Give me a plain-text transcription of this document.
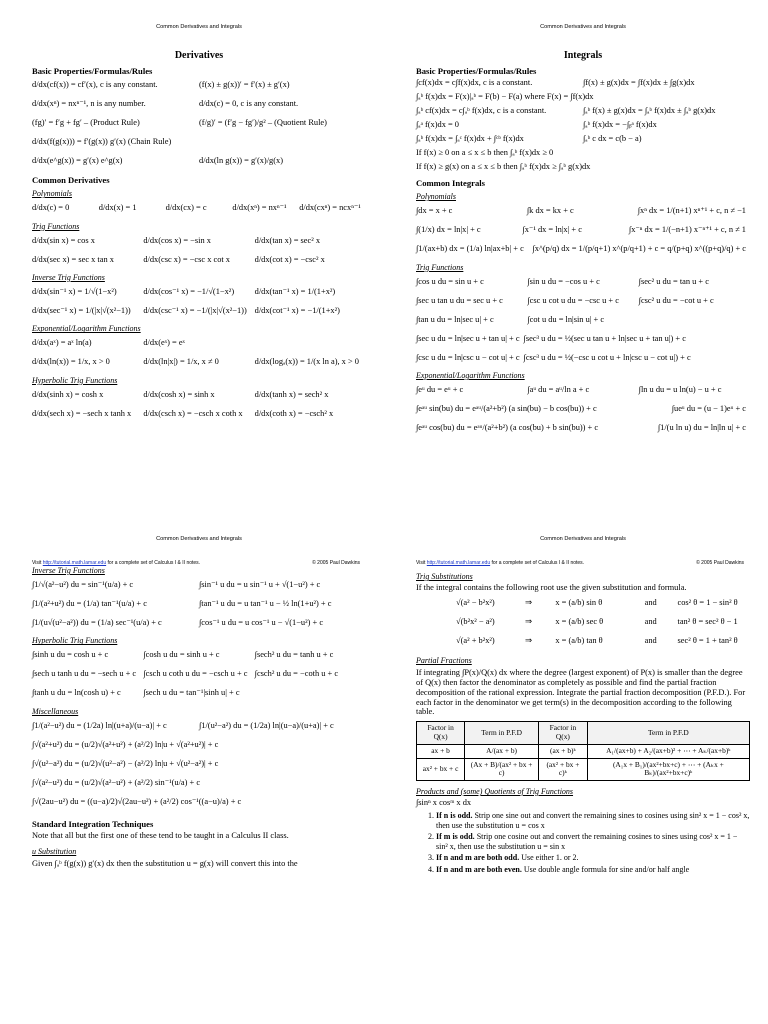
Common Derivatives and Integrals
Derivatives
Basic Properties/Formulas/Rules
d/dx(cf(x)) = cf′(x), c is any constant.	(f(x) ± g(x))′ = f′(x) ± g′(x)
d/dx(xⁿ) = nxⁿ⁻¹, n is any number.	d/dx(c) = 0, c is any constant.
(fg)′ = f′g + fg′ – (Product Rule)	(f/g)′ = (f′g − fg′)/g² – (Quotient Rule)
d/dx(f(g(x))) = f′(g(x)) g′(x) (Chain Rule)
d/dx(e^g(x)) = g′(x) e^g(x)	d/dx(ln g(x)) = g′(x)/g(x)
Common Derivatives
Polynomials
d/dx(c) = 0	d/dx(x) = 1	d/dx(cx) = c	d/dx(xⁿ) = nxⁿ⁻¹	d/dx(cxⁿ) = ncxⁿ⁻¹
Trig Functions
d/dx(sin x) = cos x	d/dx(cos x) = −sin x	d/dx(tan x) = sec² x
d/dx(sec x) = sec x tan x	d/dx(csc x) = −csc x cot x	d/dx(cot x) = −csc² x
Inverse Trig Functions
d/dx(sin⁻¹ x) = 1/√(1−x²)	d/dx(cos⁻¹ x) = −1/√(1−x²)	d/dx(tan⁻¹ x) = 1/(1+x²)
d/dx(sec⁻¹ x) = 1/(|x|√(x²−1))	d/dx(csc⁻¹ x) = −1/(|x|√(x²−1)) d/dx(cot⁻¹ x) = −1/(1+x²)
Exponential/Logarithm Functions
d/dx(aˣ) = aˣ ln(a)	d/dx(eˣ) = eˣ
d/dx(ln(x)) = 1/x, x > 0	d/dx(ln|x|) = 1/x, x ≠ 0	d/dx(logₐ(x)) = 1/(x ln a), x > 0
Hyperbolic Trig Functions
d/dx(sinh x) = cosh x	d/dx(cosh x) = sinh x	d/dx(tanh x) = sech² x
d/dx(sech x) = −sech x tanh x	d/dx(csch x) = −csch x coth x	d/dx(coth x) = −csch² x
Visit http://tutorial.math.lamar.edu for a complete set of Calculus I & II notes.	© 2005 Paul Dawkins
Common Derivatives and Integrals
Integrals
Basic Properties/Formulas/Rules
∫cf(x)dx = c∫f(x)dx, c is a constant.	∫f(x) ± g(x)dx = ∫f(x)dx ± ∫g(x)dx
∫ₐᵇ f(x)dx = F(x)|ₐᵇ = F(b) − F(a) where F(x) = ∫f(x)dx
∫ₐᵇ cf(x)dx = c∫ₐᵇ f(x)dx, c is a constant.	∫ₐᵇ f(x) ± g(x)dx = ∫ₐᵇ f(x)dx ± ∫ₐᵇ g(x)dx
∫ₐᵃ f(x)dx = 0	∫ₐᵇ f(x)dx = −∫ᵦᵃ f(x)dx
∫ₐᵇ f(x)dx = ∫ₐᶜ f(x)dx + ∫ᶜᵇ f(x)dx	∫ₐᵇ c dx = c(b − a)
If f(x) ≥ 0 on a ≤ x ≤ b then ∫ₐᵇ f(x)dx ≥ 0
If f(x) ≥ g(x) on a ≤ x ≤ b then ∫ₐᵇ f(x)dx ≥ ∫ₐᵇ g(x)dx
Common Integrals
Polynomials
∫dx = x + c	∫k dx = kx + c	∫xⁿ dx = 1/(n+1) xⁿ⁺¹ + c, n ≠ −1
∫(1/x) dx = ln|x| + c	∫x⁻¹ dx = ln|x| + c	∫x⁻ⁿ dx = 1/(−n+1) x⁻ⁿ⁺¹ + c, n ≠ 1
∫1/(ax+b) dx = (1/a) ln|ax+b| + c	∫x^(p/q) dx = 1/(p/q+1) x^(p/q+1) + c = q/(p+q) x^((p+q)/q) + c
Trig Functions
∫cos u du = sin u + c	∫sin u du = −cos u + c	∫sec² u du = tan u + c
∫sec u tan u du = sec u + c	∫csc u cot u du = −csc u + c	∫csc² u du = −cot u + c
∫tan u du = ln|sec u| + c	∫cot u du = ln|sin u| + c
∫sec u du = ln|sec u + tan u| + c ∫sec³ u du = ½(sec u tan u + ln|sec u + tan u|) + c
∫csc u du = ln|csc u − cot u| + c ∫csc³ u du = ½(−csc u cot u + ln|csc u − cot u|) + c
Exponential/Logarithm Functions
∫eᵘ du = eᵘ + c	∫aᵘ du = aᵘ/ln a + c	∫ln u du = u ln(u) − u + c
∫eᵃᵘ sin(bu) du = eᵃᵘ/(a²+b²) (a sin(bu) − b cos(bu)) + c	∫ueᵘ du = (u − 1)eᵘ + c
∫eᵃᵘ cos(bu) du = eᵃᵘ/(a²+b²) (a cos(bu) + b sin(bu)) + c	∫1/(u ln u) du = ln|ln u| + c
Visit http://tutorial.math.lamar.edu for a complete set of Calculus I & II notes.	© 2005 Paul Dawkins
Common Derivatives and Integrals
Inverse Trig Functions
∫1/√(a²−u²) du = sin⁻¹(u/a) + c	∫sin⁻¹ u du = u sin⁻¹ u + √(1−u²) + c
∫1/(a²+u²) du = (1/a) tan⁻¹(u/a) + c	∫tan⁻¹ u du = u tan⁻¹ u − ½ ln(1+u²) + c
∫1/(u√(u²−a²)) du = (1/a) sec⁻¹(u/a) + c	∫cos⁻¹ u du = u cos⁻¹ u − √(1−u²) + c
Hyperbolic Trig Functions
∫sinh u du = cosh u + c	∫cosh u du = sinh u + c	∫sech² u du = tanh u + c
∫sech u tanh u du = −sech u + c ∫csch u coth u du = −csch u + c ∫csch² u du = −coth u + c
∫tanh u du = ln(cosh u) + c	∫sech u du = tan⁻¹|sinh u| + c
Miscellaneous
∫1/(a²−u²) du = (1/2a) ln|(u+a)/(u−a)| + c	∫1/(u²−a²) du = (1/2a) ln|(u−a)/(u+a)| + c
∫√(a²+u²) du = (u/2)√(a²+u²) + (a²/2) ln|u + √(a²+u²)| + c
∫√(u²−a²) du = (u/2)√(u²−a²) − (a²/2) ln|u + √(u²−a²)| + c
∫√(a²−u²) du = (u/2)√(a²−u²) + (a²/2) sin⁻¹(u/a) + c
∫√(2au−u²) du = ((u−a)/2)√(2au−u²) + (a²/2) cos⁻¹((a−u)/a) + c
Standard Integration Techniques
Note that all but the first one of these tend to be taught in a Calculus II class.
u Substitution
Given ∫ₐᵇ f(g(x)) g′(x) dx then the substitution u = g(x) will convert this into the
Common Derivatives and Integrals
Trig Substitutions
If the integral contains the following root use the given substitution and formula.
√(a² − b²x²)	⇒	x = (a/b) sin θ	and	cos² θ = 1 − sin² θ
√(b²x² − a²)	⇒	x = (a/b) sec θ	and	tan² θ = sec² θ − 1
√(a² + b²x²)	⇒	x = (a/b) tan θ	and	sec² θ = 1 + tan² θ
Partial Fractions
If integrating ∫P(x)/Q(x) dx where the degree (largest exponent) of P(x) is smaller than the degree of Q(x) then factor the denominator as completely as possible and find the partial fraction decomposition of the rational expression. Integrate the partial fraction decomposition (P.F.D.). For each factor in the denominator we get term(s) in the decomposition according to the following table.
Factor in Q(x)	Term in P.F.D	Factor in Q(x)	Term in P.F.D
ax + b	A/(ax + b)	(ax + b)ᵏ	A₁/(ax+b) + A₂/(ax+b)² + ⋯ + Aₖ/(ax+b)ᵏ
ax² + bx + c	(Ax + B)/(ax² + bx + c)	(ax² + bx + c)ᵏ	(A₁x + B₁)/(ax²+bx+c) + ⋯ + (Aₖx + Bₖ)/(ax²+bx+c)ᵏ
Products and (some) Quotients of Trig Functions
∫sinⁿ x cosᵐ x dx
1. If n is odd. Strip one sine out and convert the remaining sines to cosines using sin² x = 1 − cos² x, then use the substitution u = cos x
2. If m is odd. Strip one cosine out and convert the remaining cosines to sines using cos² x = 1 − sin² x, then use the substitution u = sin x
3. If n and m are both odd. Use either 1. or 2.
4. If n and m are both even. Use double angle formula for sine and/or half angle
